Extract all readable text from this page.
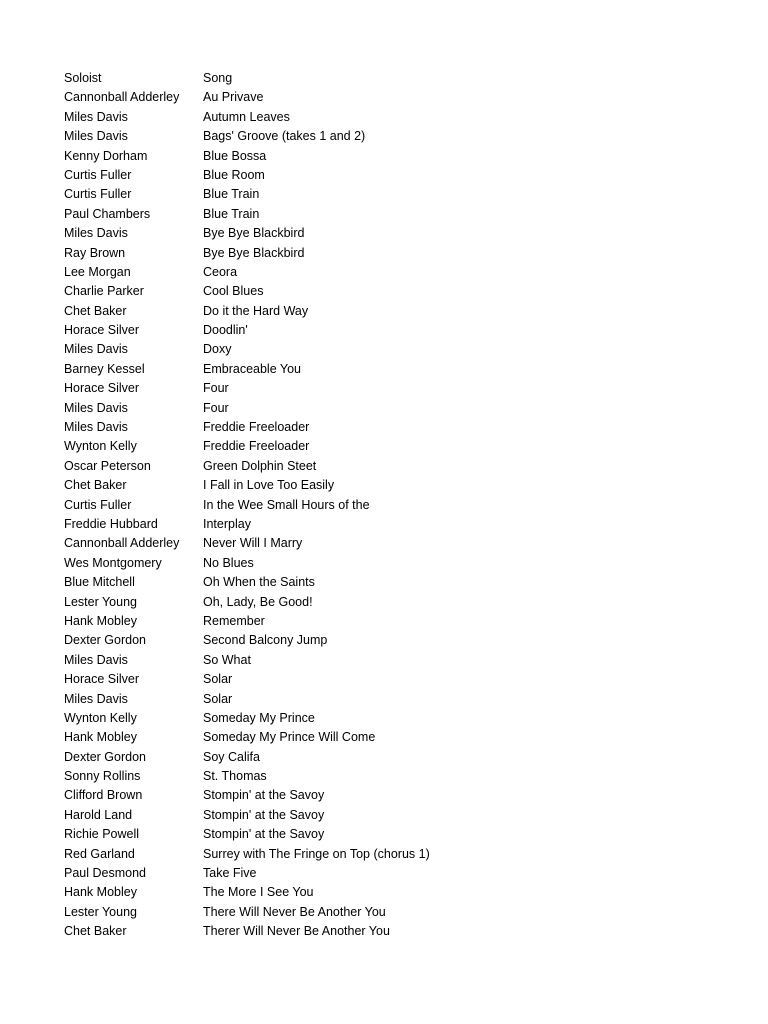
Soloist	Song
Cannonball Adderley	Au Privave
Miles Davis	Autumn Leaves
Miles Davis	Bags' Groove (takes 1 and 2)
Kenny Dorham	Blue Bossa
Curtis Fuller	Blue Room
Curtis Fuller	Blue Train
Paul Chambers	Blue Train
Miles Davis	Bye Bye Blackbird
Ray Brown	Bye Bye Blackbird
Lee Morgan	Ceora
Charlie Parker	Cool Blues
Chet Baker	Do it the Hard Way
Horace Silver	Doodlin'
Miles Davis	Doxy
Barney Kessel	Embraceable You
Horace Silver	Four
Miles Davis	Four
Miles Davis	Freddie Freeloader
Wynton Kelly	Freddie Freeloader
Oscar Peterson	Green Dolphin Steet
Chet Baker	I Fall in Love Too Easily
Curtis Fuller	In the Wee Small Hours of the
Freddie Hubbard	Interplay
Cannonball Adderley	Never Will I Marry
Wes Montgomery	No Blues
Blue Mitchell	Oh When the Saints
Lester Young	Oh, Lady, Be Good!
Hank Mobley	Remember
Dexter Gordon	Second Balcony Jump
Miles Davis	So What
Horace Silver	Solar
Miles Davis	Solar
Wynton Kelly	Someday My Prince
Hank Mobley	Someday My Prince Will Come
Dexter Gordon	Soy Califa
Sonny Rollins	St. Thomas
Clifford Brown	Stompin' at the Savoy
Harold Land	Stompin' at the Savoy
Richie Powell	Stompin' at the Savoy
Red Garland	Surrey with The Fringe on Top (chorus 1)
Paul Desmond	Take Five
Hank Mobley	The More I See You
Lester Young	There Will Never Be Another You
Chet Baker	Therer Will Never Be Another You
